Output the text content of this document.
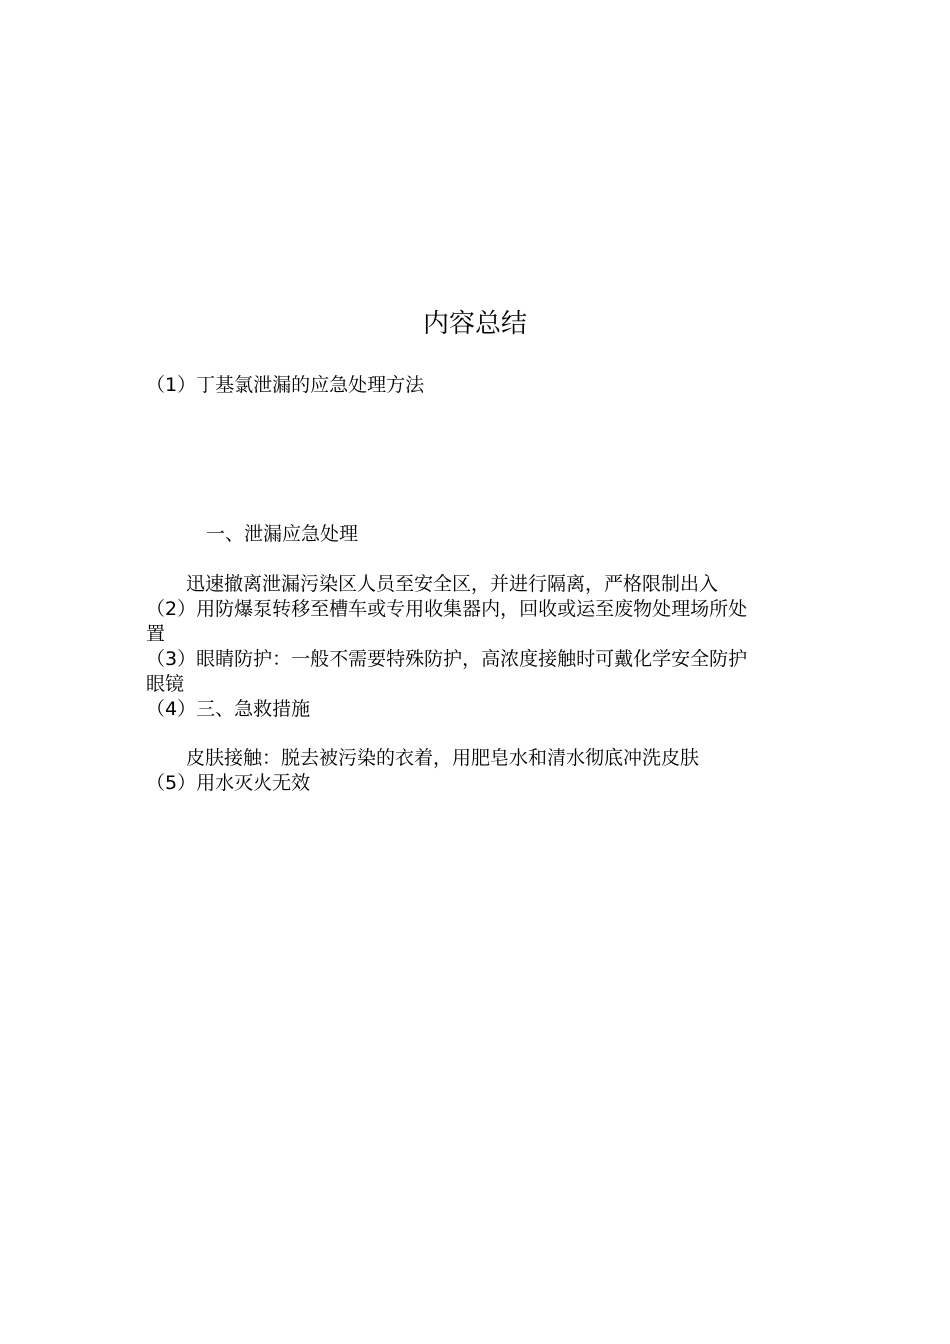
内容总结
（1）丁基氯泄漏的应急处理方法
一、泄漏应急处理
迅速撤离泄漏污染区人员至安全区，并进行隔离，严格限制出入
（2）用防爆泵转移至槽车或专用收集器内，回收或运至废物处理场所处
置
（3）眼睛防护：一般不需要特殊防护，高浓度接触时可戴化学安全防护
眼镜
（4）三、急救措施
皮肤接触：脱去被污染的衣着，用肥皂水和清水彻底冲洗皮肤
（5）用水灭火无效
